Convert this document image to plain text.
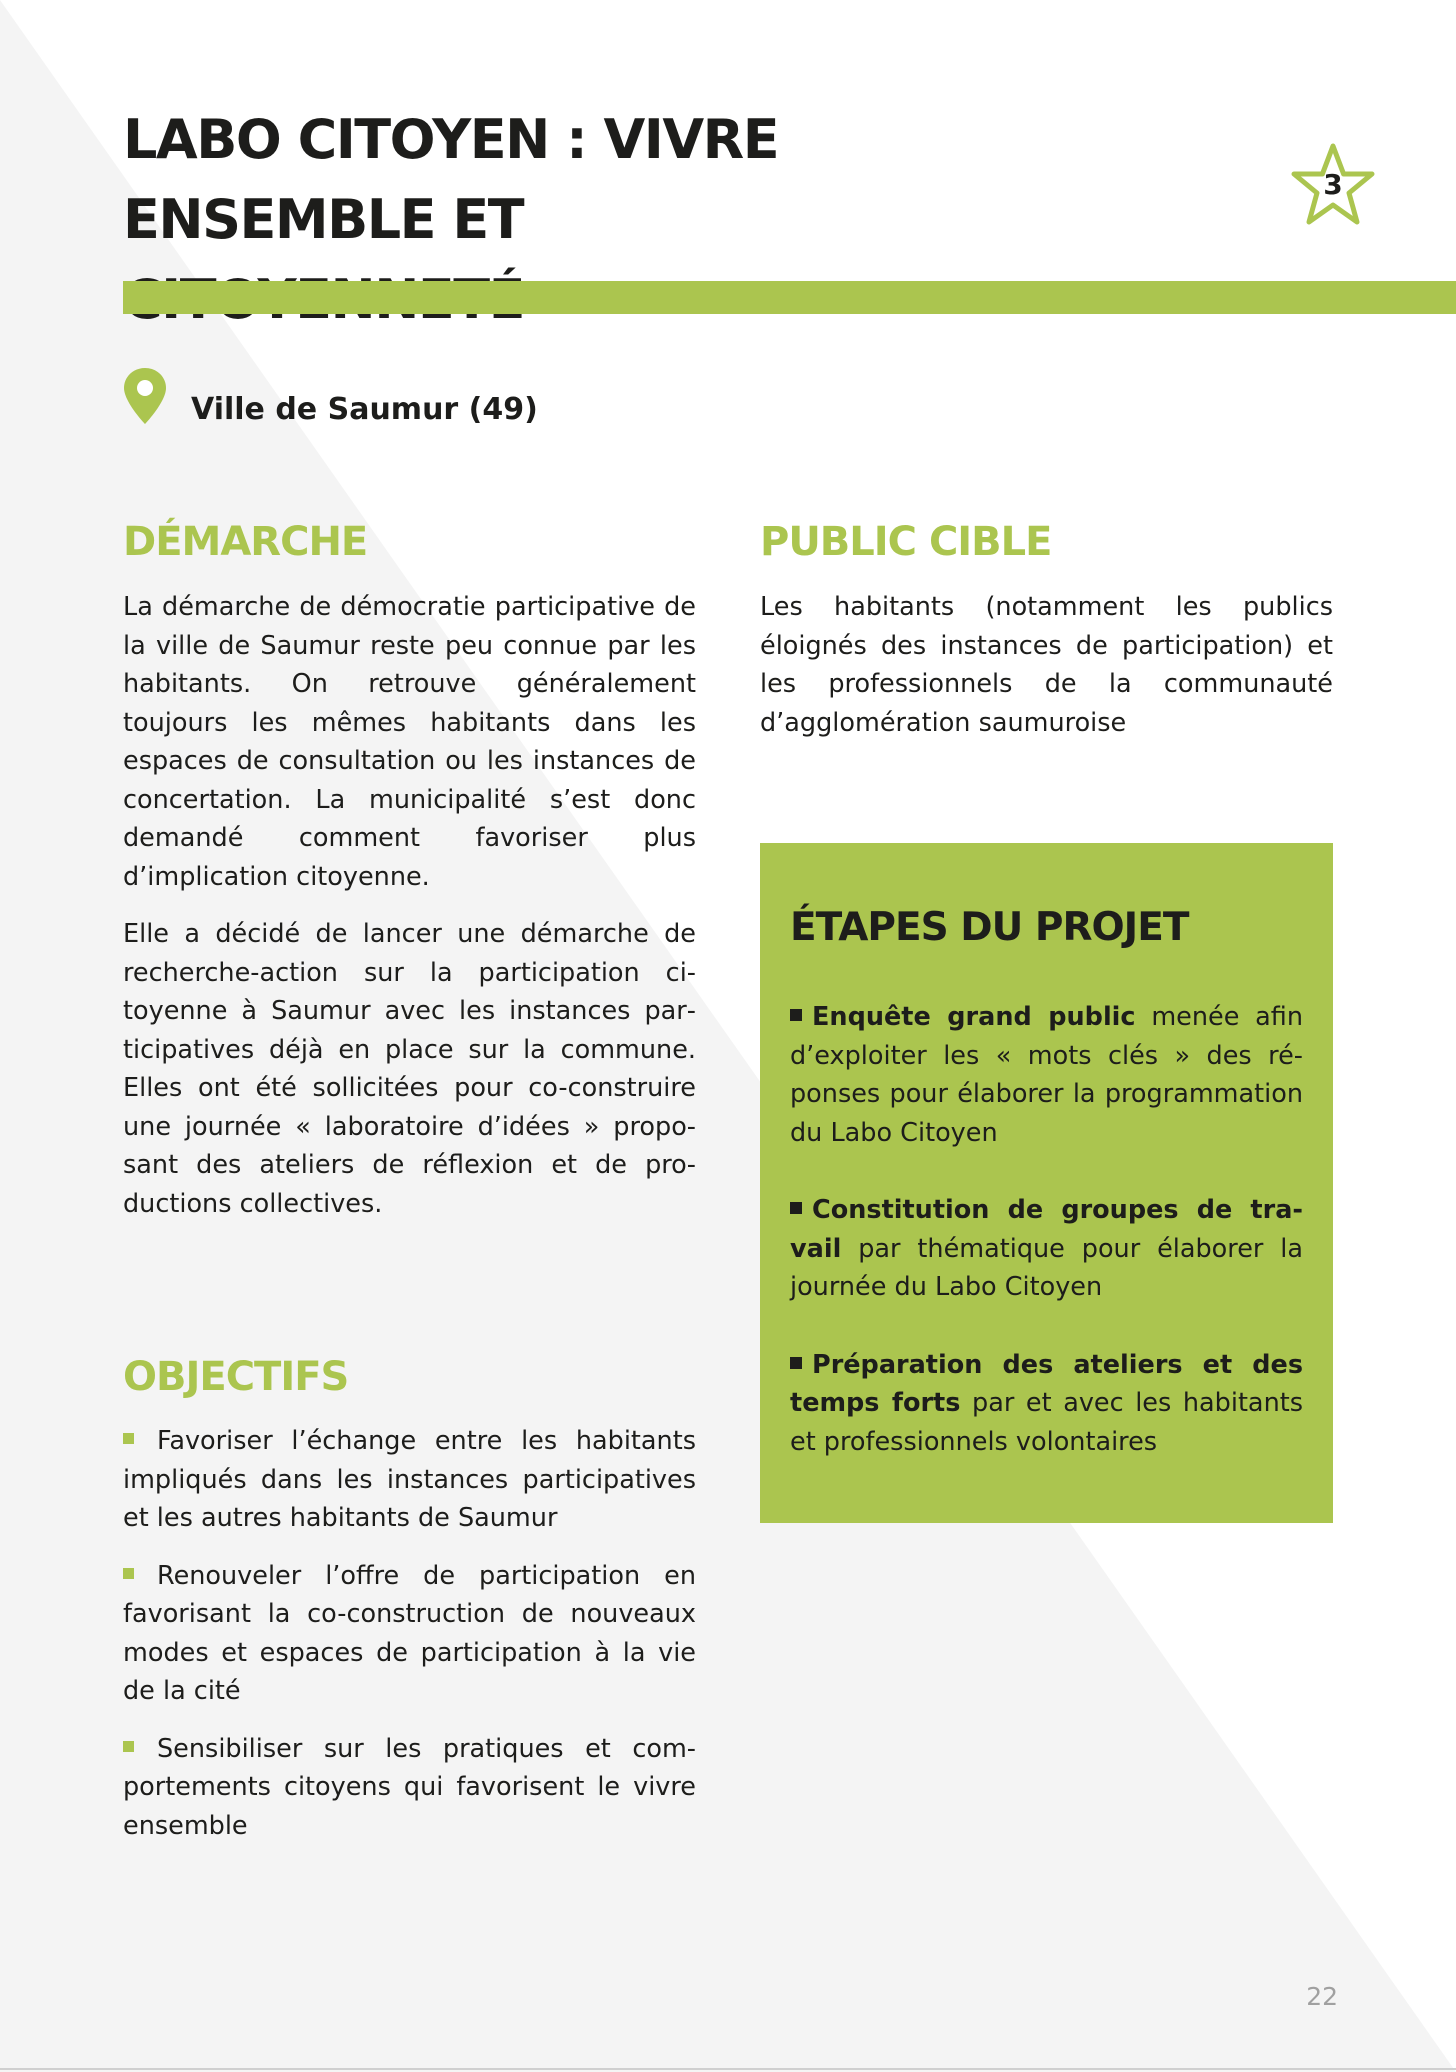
LABO CITOYEN : VIVRE ENSEMBLE ET
3
Ville de Saumur (49)
DÉMARCHE

La démarche de démocratie participative de la ville de Saumur reste peu connue par les habitants. On retrouve généralement toujours les mêmes habitants dans les espaces de consultation ou les instances de concertation. La municipalité s’est donc demandé comment favoriser plus d’implication citoyenne.

Elle a décidé de lancer une démarche de recherche-action sur la participation citoyenne à Saumur avec les instances participatives déjà en place sur la commune. Elles ont été sollicitées pour co-construire une journée « laboratoire d’idées » proposant des ateliers de réflexion et de productions collectives.

PUBLIC CIBLE

Les habitants (notamment les publics éloignés des instances de participation) et les professionnels de la communauté d’agglomération saumuroise

OBJECTIFS
Favoriser l’échange entre les habitants impliqués dans les instances participatives et les autres habitants de Saumur
Renouveler l’offre de participation en favorisant la co-construction de nouveaux modes et espaces de participation à la vie de la cité
Sensibiliser sur les pratiques et comportements citoyens qui favorisent le vivre ensemble
ÉTAPES DU PROJET
Enquête grand public menée afin d’exploiter les « mots clés » des réponses pour élaborer la programmation du Labo Citoyen
Constitution de groupes de travail par thématique pour élaborer la journée du Labo Citoyen
Préparation des ateliers et des temps forts par et avec les habitants et professionnels volontaires
22
